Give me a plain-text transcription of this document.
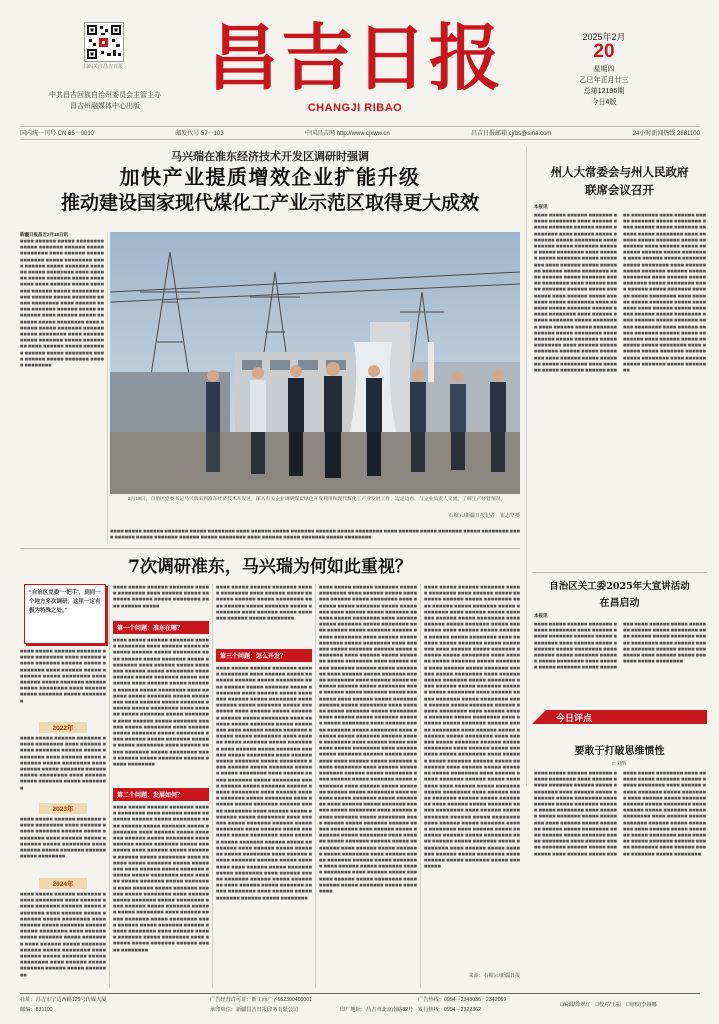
扫码关注昌吉日报
中共昌吉回族自治州委员会主管主办
昌吉州融媒体中心出版
昌吉日报
CHANGJI RIBAO
2025年2月
20
星期四
乙巳年正月廿三
总第12196期
今日4版
国内统一刊号 CN 65－0010	邮发代号 57－103	中国昌吉网 http://www.cjxww.cn	昌吉日报邮箱 cjrbs@sina.com	24小时新闻热线 2881100
马兴瑞在准东经济技术开发区调研时强调
加快产业提质增效企业扩能升级
推动建设国家现代煤化工产业示范区取得更大成效
新疆日报昌吉2月18日讯
■■■■ ■■■■■■ ■■■■■ ■■■■■■■■ ■■■■■ ■■■■■■■ ■■■■■■ ■■■■■ ■■■■■■■■ ■■■■ ■■■■■■ ■■■■■ ■■■■■■■ ■■■■■ ■■■■■■■■ ■■■■ ■■■■■■ ■■■■■ ■■■■■■■ ■■■■■■ ■■■■■ ■■■■■■■■ ■■■■ ■■■■■■ ■■■■■ ■■■■■■■ ■■■■■ ■■■■■■■■ ■■■■ ■■■■■■ ■■■■■ ■■■■■■■ ■■■■■■ ■■■■■ ■■■■■■■■ ■■■■ ■■■■■■ ■■■■■ ■■■■■■■ ■■■■■ ■■■■■■■■ ■■■■ ■■■■■■ ■■■■■ ■■■■■■■ ■■■■■■ ■■■■■ ■■■■■■■■ ■■■■ ■■■■■■ ■■■■■ ■■■■■■■ ■■■■■ ■■■■■■■■ ■■■■ ■■■■■■ ■■■■■ ■■■■■■■ ■■■■■■ ■■■■■ ■■■■■■■■ ■■■■ ■■■■■■ ■■■■■ ■■■■■■■ ■■■■■ ■■■■■■■■ ■■■■ ■■■■■■ ■■■■■ ■■■■■■■ ■■■■■■ ■■■■■ ■■■■■■■■ ■■■■ ■■■■■■ ■■■■■ ■■■■■■■ ■■■■■ ■■■■■■■■
2月18日，自治区党委书记马兴瑞来到准东经济技术开发区，深入有关企业调研煤炭绿色开发利用和现代煤化工产业发展工作，边走边看，与企业负责人交流，了解生产经营情况。
石榴云/新疆日报记者　崔志坚摄
■■■■ ■■■■■ ■■■■■■ ■■■■■■■ ■■■■■ ■■■■■■■■ ■■■■ ■■■■■■ ■■■■■ ■■■■■■■ ■■■■■■ ■■■■■ ■■■■■■■■ ■■■■ ■■■■■■ ■■■■■ ■■■■■■■ ■■■■■ ■■■■■■■■ ■■■■ ■■■■■■ ■■■■■ ■■■■■■■ ■■■■■■ ■■■■■ ■■■■■■■■ ■■■■ ■■■■■■ ■■■■■ ■■■■■■■ ■■■■■ ■■■■■■■■
州人大常委会与州人民政府
联席会议召开
本报讯
■■■■ ■■■■■ ■■■■■■ ■■■■■■■ ■■■■■ ■■■■■■■■ ■■■■ ■■■■■■ ■■■■■ ■■■■■■■ ■■■■■■ ■■■■■ ■■■■■■■■ ■■■■ ■■■■■■ ■■■■■ ■■■■■■■ ■■■■■ ■■■■■■■■ ■■■■ ■■■■■■ ■■■■■ ■■■■■■■ ■■■■■■ ■■■■■ ■■■■■■■■ ■■■■ ■■■■■■ ■■■■■ ■■■■■■■ ■■■■■ ■■■■■■■■ ■■■■ ■■■■■■ ■■■■■ ■■■■■■■ ■■■■■■ ■■■■■ ■■■■■■■■ ■■■■ ■■■■■■ ■■■■■ ■■■■■■■ ■■■■■ ■■■■■■■■ ■■■■ ■■■■■■ ■■■■■ ■■■■■■■ ■■■■■■ ■■■■■ ■■■■■■■■ ■■■■ ■■■■■■ ■■■■■ ■■■■■■■ ■■■■■ ■■■■■■■■ ■■■■ ■■■■■■ ■■■■■ ■■■■■■■ ■■■■■■ ■■■■■ ■■■■■■■■ ■■■■ ■■■■■■ ■■■■■ ■■■■■■■ ■■■■■ ■■■■■■■■ ■■■■ ■■■■■■ ■■■■■ ■■■■■■■ ■■■■■■ ■■■■■ ■■■■■■■■ ■■■■ ■■■■■■ ■■■■■ ■■■■■■■ ■■■■■ ■■■■■■■■ ■■■■ ■■■■■■ ■■■■■ ■■■■■■■ ■■■■■■ ■■■■■ ■■■■■■■■ ■■■■ ■■■■■■ ■■■■■ ■■■■■■■ ■■■■■ ■■■■■■■■ ■■■■ ■■■■■■ ■■■■■ ■■■■■■■ ■■■■■■ ■■■■■ ■■■■■■■■ ■■■■ ■■■■■■ ■■■■■ ■■■■■■■ ■■■■■ ■■■■■■■■ ■■■■ ■■■■■■ ■■■■■ ■■■■■■■ ■■■■■■ ■■■■■ ■■■■■■■■ ■■■■ ■■■■■■ ■■■■■ ■■■■■■■ ■■■■■ ■■■■■■■■ ■■■■ ■■■■■■ ■■■■■ ■■■■■■■ ■■■■■■ ■■■■■ ■■■■■■■■ ■■■■ ■■■■■■ ■■■■■ ■■■■■■■ ■■■■■ ■■■■■■■■ ■■■■ ■■■■■■ ■■■■■ ■■■■■■■ ■■■■■■ ■■■■■ ■■■■■■■■ ■■■■ ■■■■■■ ■■■■■ ■■■■■■■ ■■■■■ ■■■■■■■■ ■■■■ ■■■■■■ ■■■■■ ■■■■■■■ ■■■■■■ ■■■■■ ■■■■■■■■ ■■■■ ■■■■■■ ■■■■■ ■■■■■■■ ■■■■■ ■■■■■■■■ ■■■■ ■■■■■■ ■■■■■ ■■■■■■■ ■■■■■■ ■■■■■ ■■■■■■■■ ■■■■ ■■■■■■ ■■■■■ ■■■■■■■ ■■■■■ ■■■■■■■■ ■■■■ ■■■■■■ ■■■■■ ■■■■■■■ ■■■■■■ ■■■■■ ■■■■■■■■ ■■■■ ■■■■■■ ■■■■■ ■■■■■■■ ■■■■■ ■■■■■■■■ ■■■■ ■■■■■■ ■■■■■ ■■■■■■■ ■■■■■■ ■■■■■ ■■■■■■■■ ■■■■ ■■■■■■ ■■■■■ ■■■■■■■ ■■■■■ ■■■■■■■■
自治区关工委2025年大宣讲活动
在昌启动
本报讯
■■■■ ■■■■■ ■■■■■■ ■■■■■■■ ■■■■■ ■■■■■■■■ ■■■■ ■■■■■■ ■■■■■ ■■■■■■■ ■■■■■■ ■■■■■ ■■■■■■■■ ■■■■ ■■■■■■ ■■■■■ ■■■■■■■ ■■■■■ ■■■■■■■■ ■■■■ ■■■■■■ ■■■■■ ■■■■■■■ ■■■■■■ ■■■■■ ■■■■■■■■ ■■■■ ■■■■■■ ■■■■■ ■■■■■■■ ■■■■■ ■■■■■■■■ ■■■■ ■■■■■■ ■■■■■ ■■■■■■■ ■■■■■■ ■■■■■ ■■■■■■■■ ■■■■ ■■■■■■ ■■■■■ ■■■■■■■ ■■■■■ ■■■■■■■■ ■■■■ ■■■■■■ ■■■■■ ■■■■■■■ ■■■■■■ ■■■■■ ■■■■■■■■ ■■■■ ■■■■■■ ■■■■■ ■■■■■■■ ■■■■■ ■■■■■■■■
今日评点
要敢于打破思维惯性
□ 刘辉
■■■■ ■■■■■ ■■■■■■ ■■■■■■■ ■■■■■ ■■■■■■■■ ■■■■ ■■■■■■ ■■■■■ ■■■■■■■ ■■■■■■ ■■■■■ ■■■■■■■■ ■■■■ ■■■■■■ ■■■■■ ■■■■■■■ ■■■■■ ■■■■■■■■ ■■■■ ■■■■■■ ■■■■■ ■■■■■■■ ■■■■■■ ■■■■■ ■■■■■■■■ ■■■■ ■■■■■■ ■■■■■ ■■■■■■■ ■■■■■ ■■■■■■■■ ■■■■ ■■■■■■ ■■■■■ ■■■■■■■ ■■■■■■ ■■■■■ ■■■■■■■■ ■■■■ ■■■■■■ ■■■■■ ■■■■■■■ ■■■■■ ■■■■■■■■ ■■■■ ■■■■■■ ■■■■■ ■■■■■■■ ■■■■■■ ■■■■■ ■■■■■■■■ ■■■■ ■■■■■■ ■■■■■ ■■■■■■■ ■■■■■ ■■■■■■■■ ■■■■ ■■■■■■ ■■■■■ ■■■■■■■ ■■■■■■ ■■■■■ ■■■■■■■■ ■■■■ ■■■■■■ ■■■■■ ■■■■■■■ ■■■■■ ■■■■■■■■ ■■■■ ■■■■■■ ■■■■■ ■■■■■■■ ■■■■■■ ■■■■■ ■■■■■■■■ ■■■■ ■■■■■■ ■■■■■ ■■■■■■■ ■■■■■ ■■■■■■■■ ■■■■ ■■■■■■ ■■■■■ ■■■■■■■ ■■■■■■ ■■■■■ ■■■■■■■■ ■■■■ ■■■■■■ ■■■■■ ■■■■■■■ ■■■■■ ■■■■■■■■ ■■■■ ■■■■■■ ■■■■■ ■■■■■■■ ■■■■■■ ■■■■■ ■■■■■■■■ ■■■■ ■■■■■■ ■■■■■ ■■■■■■■ ■■■■■ ■■■■■■■■
7次调研准东，马兴瑞为何如此重视？
“自治区党委‘一把手’，到同一个地方多次调研，这里一定有极为特殊之处。”
■■■■ ■■■■■ ■■■■■■ ■■■■■■■ ■■■■■ ■■■■■■■■ ■■■■ ■■■■■■ ■■■■■ ■■■■■■■ ■■■■■■ ■■■■■ ■■■■■■■■ ■■■■ ■■■■■■ ■■■■■ ■■■■■■■ ■■■■■ ■■■■■■■■ ■■■■ ■■■■■■ ■■■■■ ■■■■■■■ ■■■■■■ ■■■■■ ■■■■■■■■ ■■■■ ■■■■■■ ■■■■■ ■■■■■■■ ■■■■■ ■■■■■■■■
2022年
■■■■ ■■■■■ ■■■■■■ ■■■■■■■ ■■■■■ ■■■■■■■■ ■■■■ ■■■■■■ ■■■■■ ■■■■■■■ ■■■■■■ ■■■■■ ■■■■■■■■ ■■■■ ■■■■■■ ■■■■■ ■■■■■■■ ■■■■■ ■■■■■■■■ ■■■■ ■■■■■■ ■■■■■ ■■■■■■■ ■■■■■■ ■■■■■ ■■■■■■■■ ■■■■ ■■■■■■ ■■■■■ ■■■■■■■ ■■■■■ ■■■■■■■■
2023年
■■■■ ■■■■■ ■■■■■■ ■■■■■■■ ■■■■■ ■■■■■■■■ ■■■■ ■■■■■■ ■■■■■ ■■■■■■■ ■■■■■■ ■■■■■ ■■■■■■■■ ■■■■ ■■■■■■ ■■■■■ ■■■■■■■ ■■■■■ ■■■■■■■■ ■■■■ ■■■■■■ ■■■■■ ■■■■■■■ ■■■■■■ ■■■■■ ■■■■■■■■
2024年
■■■■ ■■■■■ ■■■■■■ ■■■■■■■ ■■■■■ ■■■■■■■■ ■■■■ ■■■■■■ ■■■■■ ■■■■■■■ ■■■■■■ ■■■■■ ■■■■■■■■ ■■■■ ■■■■■■ ■■■■■ ■■■■■■■ ■■■■■ ■■■■■■■■ ■■■■ ■■■■■■ ■■■■■ ■■■■■■■ ■■■■■■ ■■■■■ ■■■■■■■■ ■■■■ ■■■■■■ ■■■■■ ■■■■■■■ ■■■■■ ■■■■■■■■ ■■■■ ■■■■■■ ■■■■■ ■■■■■■■ ■■■■■■ ■■■■■ ■■■■■■■■ ■■■■ ■■■■■■ ■■■■■ ■■■■■■■ ■■■■■ ■■■■■■■■ ■■■■ ■■■■■■ ■■■■■ ■■■■■■■ ■■■■■■ ■■■■■ ■■■■■■■■
■■■■ ■■■■■ ■■■■■■ ■■■■■■■ ■■■■■ ■■■■■■■■ ■■■■ ■■■■■■ ■■■■■ ■■■■■■■ ■■■■■■ ■■■■■ ■■■■■■■■ ■■■■ ■■■■■■ ■■■■■
第一个问题：准东在哪？
■■■■ ■■■■■ ■■■■■■ ■■■■■■■ ■■■■■ ■■■■■■■■ ■■■■ ■■■■■■ ■■■■■ ■■■■■■■ ■■■■■■ ■■■■■ ■■■■■■■■ ■■■■ ■■■■■■ ■■■■■ ■■■■■■■ ■■■■■ ■■■■■■■■ ■■■■ ■■■■■■ ■■■■■ ■■■■■■■ ■■■■■■ ■■■■■ ■■■■■■■■ ■■■■ ■■■■■■ ■■■■■ ■■■■■■■ ■■■■■ ■■■■■■■■ ■■■■ ■■■■■■ ■■■■■ ■■■■■■■ ■■■■■■ ■■■■■ ■■■■■■■■ ■■■■ ■■■■■■ ■■■■■ ■■■■■■■ ■■■■■ ■■■■■■■■ ■■■■ ■■■■■■ ■■■■■ ■■■■■■■ ■■■■■■ ■■■■■ ■■■■■■■■ ■■■■ ■■■■■■ ■■■■■ ■■■■■■■ ■■■■■ ■■■■■■■■ ■■■■ ■■■■■■ ■■■■■ ■■■■■■■ ■■■■■■ ■■■■■ ■■■■■■■■ ■■■■ ■■■■■■ ■■■■■ ■■■■■■■ ■■■■■ ■■■■■■■■ ■■■■ ■■■■■■ ■■■■■ ■■■■■■■ ■■■■■■ ■■■■■ ■■■■■■■■ ■■■■ ■■■■■■ ■■■■■ ■■■■■■■ ■■■■■ ■■■■■■■■ ■■■■ ■■■■■■ ■■■■■ ■■■■■■■ ■■■■■■ ■■■■■ ■■■■■■■■
第二个问题：发展如何？
■■■■ ■■■■■ ■■■■■■ ■■■■■■■ ■■■■■ ■■■■■■■■ ■■■■ ■■■■■■ ■■■■■ ■■■■■■■ ■■■■■■ ■■■■■ ■■■■■■■■ ■■■■ ■■■■■■ ■■■■■ ■■■■■■■ ■■■■■ ■■■■■■■■ ■■■■ ■■■■■■ ■■■■■ ■■■■■■■ ■■■■■■ ■■■■■ ■■■■■■■■ ■■■■ ■■■■■■ ■■■■■ ■■■■■■■ ■■■■■ ■■■■■■■■ ■■■■ ■■■■■■ ■■■■■ ■■■■■■■ ■■■■■■ ■■■■■ ■■■■■■■■ ■■■■ ■■■■■■ ■■■■■ ■■■■■■■ ■■■■■ ■■■■■■■■ ■■■■ ■■■■■■ ■■■■■ ■■■■■■■ ■■■■■■ ■■■■■ ■■■■■■■■ ■■■■ ■■■■■■ ■■■■■ ■■■■■■■ ■■■■■ ■■■■■■■■ ■■■■ ■■■■■■ ■■■■■ ■■■■■■■ ■■■■■■ ■■■■■ ■■■■■■■■ ■■■■ ■■■■■■ ■■■■■ ■■■■■■■ ■■■■■ ■■■■■■■■ ■■■■ ■■■■■■ ■■■■■ ■■■■■■■ ■■■■■■ ■■■■■ ■■■■■■■■ ■■■■ ■■■■■■ ■■■■■ ■■■■■■■ ■■■■■ ■■■■■■■■ ■■■■ ■■■■■■ ■■■■■ ■■■■■■■ ■■■■■■ ■■■■■ ■■■■■■■■ ■■■■ ■■■■■■ ■■■■■ ■■■■■■■ ■■■■■ ■■■■■■■■ ■■■■ ■■■■■■ ■■■■■ ■■■■■■■ ■■■■■■ ■■■■■ ■■■■■■■■
■■■■ ■■■■■ ■■■■■■ ■■■■■■■ ■■■■■ ■■■■■■■■ ■■■■ ■■■■■■ ■■■■■ ■■■■■■■ ■■■■■■ ■■■■■ ■■■■■■■■ ■■■■ ■■■■■■ ■■■■■ ■■■■■■■ ■■■■■ ■■■■■■■■ ■■■■ ■■■■■■ ■■■■■ ■■■■■■■ ■■■■■■ ■■■■■ ■■■■■■■■
第三个问题：怎么开发？
■■■■ ■■■■■ ■■■■■■ ■■■■■■■ ■■■■■ ■■■■■■■■ ■■■■ ■■■■■■ ■■■■■ ■■■■■■■ ■■■■■■ ■■■■■ ■■■■■■■■ ■■■■ ■■■■■■ ■■■■■ ■■■■■■■ ■■■■■ ■■■■■■■■ ■■■■ ■■■■■■ ■■■■■ ■■■■■■■ ■■■■■■ ■■■■■ ■■■■■■■■ ■■■■ ■■■■■■ ■■■■■ ■■■■■■■ ■■■■■ ■■■■■■■■ ■■■■ ■■■■■■ ■■■■■ ■■■■■■■ ■■■■■■ ■■■■■ ■■■■■■■■ ■■■■ ■■■■■■ ■■■■■ ■■■■■■■ ■■■■■ ■■■■■■■■ ■■■■ ■■■■■■ ■■■■■ ■■■■■■■ ■■■■■■ ■■■■■ ■■■■■■■■ ■■■■ ■■■■■■ ■■■■■ ■■■■■■■ ■■■■■ ■■■■■■■■ ■■■■ ■■■■■■ ■■■■■ ■■■■■■■ ■■■■■■ ■■■■■ ■■■■■■■■ ■■■■ ■■■■■■ ■■■■■ ■■■■■■■ ■■■■■ ■■■■■■■■ ■■■■ ■■■■■■ ■■■■■ ■■■■■■■ ■■■■■■ ■■■■■ ■■■■■■■■ ■■■■ ■■■■■■ ■■■■■ ■■■■■■■ ■■■■■ ■■■■■■■■ ■■■■ ■■■■■■ ■■■■■ ■■■■■■■ ■■■■■■ ■■■■■ ■■■■■■■■ ■■■■ ■■■■■■ ■■■■■ ■■■■■■■ ■■■■■ ■■■■■■■■ ■■■■ ■■■■■■ ■■■■■ ■■■■■■■ ■■■■■■ ■■■■■ ■■■■■■■■ ■■■■ ■■■■■■ ■■■■■ ■■■■■■■ ■■■■■ ■■■■■■■■ ■■■■ ■■■■■■ ■■■■■ ■■■■■■■ ■■■■■■ ■■■■■ ■■■■■■■■ ■■■■ ■■■■■■ ■■■■■ ■■■■■■■ ■■■■■ ■■■■■■■■ ■■■■ ■■■■■■ ■■■■■ ■■■■■■■ ■■■■■■ ■■■■■ ■■■■■■■■ ■■■■ ■■■■■■ ■■■■■ ■■■■■■■ ■■■■■ ■■■■■■■■ ■■■■ ■■■■■■ ■■■■■ ■■■■■■■ ■■■■■■ ■■■■■ ■■■■■■■■ ■■■■ ■■■■■■ ■■■■■ ■■■■■■■ ■■■■■ ■■■■■■■■ ■■■■ ■■■■■■ ■■■■■ ■■■■■■■ ■■■■■■ ■■■■■ ■■■■■■■■ ■■■■ ■■■■■■ ■■■■■ ■■■■■■■ ■■■■■ ■■■■■■■■ ■■■■ ■■■■■■ ■■■■■ ■■■■■■■ ■■■■■■ ■■■■■ ■■■■■■■■
■■■■ ■■■■■ ■■■■■■ ■■■■■■■ ■■■■■ ■■■■■■■■ ■■■■ ■■■■■■ ■■■■■ ■■■■■■■ ■■■■■■ ■■■■■ ■■■■■■■■ ■■■■ ■■■■■■ ■■■■■ ■■■■■■■ ■■■■■ ■■■■■■■■ ■■■■ ■■■■■■ ■■■■■ ■■■■■■■ ■■■■■■ ■■■■■ ■■■■■■■■ ■■■■ ■■■■■■ ■■■■■ ■■■■■■■ ■■■■■ ■■■■■■■■ ■■■■ ■■■■■■ ■■■■■ ■■■■■■■ ■■■■■■ ■■■■■ ■■■■■■■■ ■■■■ ■■■■■■ ■■■■■ ■■■■■■■ ■■■■■ ■■■■■■■■ ■■■■ ■■■■■■ ■■■■■ ■■■■■■■ ■■■■■■ ■■■■■ ■■■■■■■■ ■■■■ ■■■■■■ ■■■■■ ■■■■■■■ ■■■■■ ■■■■■■■■ ■■■■ ■■■■■■ ■■■■■ ■■■■■■■ ■■■■■■ ■■■■■ ■■■■■■■■ ■■■■ ■■■■■■ ■■■■■ ■■■■■■■ ■■■■■ ■■■■■■■■ ■■■■ ■■■■■■ ■■■■■ ■■■■■■■ ■■■■■■ ■■■■■ ■■■■■■■■ ■■■■ ■■■■■■ ■■■■■ ■■■■■■■ ■■■■■ ■■■■■■■■ ■■■■ ■■■■■■ ■■■■■ ■■■■■■■ ■■■■■■ ■■■■■ ■■■■■■■■ ■■■■ ■■■■■■ ■■■■■ ■■■■■■■ ■■■■■ ■■■■■■■■ ■■■■ ■■■■■■ ■■■■■ ■■■■■■■ ■■■■■■ ■■■■■ ■■■■■■■■ ■■■■ ■■■■■■ ■■■■■ ■■■■■■■ ■■■■■ ■■■■■■■■ ■■■■ ■■■■■■ ■■■■■ ■■■■■■■ ■■■■■■ ■■■■■ ■■■■■■■■ ■■■■ ■■■■■■ ■■■■■ ■■■■■■■ ■■■■■ ■■■■■■■■ ■■■■ ■■■■■■ ■■■■■ ■■■■■■■ ■■■■■■ ■■■■■ ■■■■■■■■ ■■■■ ■■■■■■ ■■■■■ ■■■■■■■ ■■■■■ ■■■■■■■■ ■■■■ ■■■■■■ ■■■■■ ■■■■■■■ ■■■■■■ ■■■■■ ■■■■■■■■ ■■■■ ■■■■■■ ■■■■■ ■■■■■■■ ■■■■■ ■■■■■■■■ ■■■■ ■■■■■■ ■■■■■ ■■■■■■■ ■■■■■■ ■■■■■ ■■■■■■■■ ■■■■ ■■■■■■ ■■■■■ ■■■■■■■ ■■■■■ ■■■■■■■■ ■■■■ ■■■■■■ ■■■■■ ■■■■■■■ ■■■■■■ ■■■■■ ■■■■■■■■ ■■■■ ■■■■■■ ■■■■■ ■■■■■■■ ■■■■■ ■■■■■■■■ ■■■■ ■■■■■■ ■■■■■ ■■■■■■■ ■■■■■■ ■■■■■ ■■■■■■■■ ■■■■ ■■■■■■ ■■■■■ ■■■■■■■ ■■■■■ ■■■■■■■■ ■■■■ ■■■■■■ ■■■■■ ■■■■■■■ ■■■■■■ ■■■■■ ■■■■■■■■ ■■■■ ■■■■■■ ■■■■■ ■■■■■■■ ■■■■■ ■■■■■■■■ ■■■■ ■■■■■■ ■■■■■ ■■■■■■■ ■■■■■■ ■■■■■ ■■■■■■■■ ■■■■ ■■■■■■ ■■■■■ ■■■■■■■ ■■■■■ ■■■■■■■■ ■■■■ ■■■■■■ ■■■■■ ■■■■■■■ ■■■■■■ ■■■■■ ■■■■■■■■ ■■■■ ■■■■■■ ■■■■■ ■■■■■■■ ■■■■■ ■■■■■■■■
■■■■ ■■■■■ ■■■■■■ ■■■■■■■ ■■■■■ ■■■■■■■■ ■■■■ ■■■■■■ ■■■■■ ■■■■■■■ ■■■■■■ ■■■■■ ■■■■■■■■ ■■■■ ■■■■■■ ■■■■■ ■■■■■■■ ■■■■■ ■■■■■■■■ ■■■■ ■■■■■■ ■■■■■ ■■■■■■■ ■■■■■■ ■■■■■ ■■■■■■■■ ■■■■ ■■■■■■ ■■■■■ ■■■■■■■ ■■■■■ ■■■■■■■■ ■■■■ ■■■■■■ ■■■■■ ■■■■■■■ ■■■■■■ ■■■■■ ■■■■■■■■ ■■■■ ■■■■■■ ■■■■■ ■■■■■■■ ■■■■■ ■■■■■■■■ ■■■■ ■■■■■■ ■■■■■ ■■■■■■■ ■■■■■■ ■■■■■ ■■■■■■■■ ■■■■ ■■■■■■ ■■■■■ ■■■■■■■ ■■■■■ ■■■■■■■■ ■■■■ ■■■■■■ ■■■■■ ■■■■■■■ ■■■■■■ ■■■■■ ■■■■■■■■ ■■■■ ■■■■■■ ■■■■■ ■■■■■■■ ■■■■■ ■■■■■■■■ ■■■■ ■■■■■■ ■■■■■ ■■■■■■■ ■■■■■■ ■■■■■ ■■■■■■■■ ■■■■ ■■■■■■ ■■■■■ ■■■■■■■ ■■■■■ ■■■■■■■■ ■■■■ ■■■■■■ ■■■■■ ■■■■■■■ ■■■■■■ ■■■■■ ■■■■■■■■ ■■■■ ■■■■■■ ■■■■■ ■■■■■■■ ■■■■■ ■■■■■■■■ ■■■■ ■■■■■■ ■■■■■ ■■■■■■■ ■■■■■■ ■■■■■ ■■■■■■■■ ■■■■ ■■■■■■ ■■■■■ ■■■■■■■ ■■■■■ ■■■■■■■■ ■■■■ ■■■■■■ ■■■■■ ■■■■■■■ ■■■■■■ ■■■■■ ■■■■■■■■ ■■■■ ■■■■■■ ■■■■■ ■■■■■■■ ■■■■■ ■■■■■■■■ ■■■■ ■■■■■■ ■■■■■ ■■■■■■■ ■■■■■■ ■■■■■ ■■■■■■■■ ■■■■ ■■■■■■ ■■■■■ ■■■■■■■ ■■■■■ ■■■■■■■■ ■■■■ ■■■■■■ ■■■■■ ■■■■■■■ ■■■■■■ ■■■■■ ■■■■■■■■ ■■■■ ■■■■■■ ■■■■■ ■■■■■■■ ■■■■■ ■■■■■■■■ ■■■■ ■■■■■■ ■■■■■ ■■■■■■■ ■■■■■■ ■■■■■ ■■■■■■■■ ■■■■ ■■■■■■ ■■■■■ ■■■■■■■ ■■■■■ ■■■■■■■■ ■■■■ ■■■■■■ ■■■■■ ■■■■■■■ ■■■■■■ ■■■■■ ■■■■■■■■ ■■■■ ■■■■■■ ■■■■■ ■■■■■■■ ■■■■■ ■■■■■■■■ ■■■■ ■■■■■■ ■■■■■ ■■■■■■■ ■■■■■■ ■■■■■ ■■■■■■■■ ■■■■ ■■■■■■ ■■■■■ ■■■■■■■ ■■■■■ ■■■■■■■■ ■■■■ ■■■■■■ ■■■■■ ■■■■■■■ ■■■■■■ ■■■■■ ■■■■■■■■ ■■■■ ■■■■■■ ■■■■■ ■■■■■■■ ■■■■■ ■■■■■■■■
来源：石榴云/新疆日报
社址：昌吉市宁边西路129号传媒大厦
邮编：831100
广告经营许可证：新工商广字652300400001
承印单位：新疆昌吉日报印务有限公司	印厂地址：昌吉市北京南路82号
广告热线：0994－2343036　2342069
发行热线：0994－2322362
□编辑/徐翠红　□校对/王振　□审校/李娅娜
